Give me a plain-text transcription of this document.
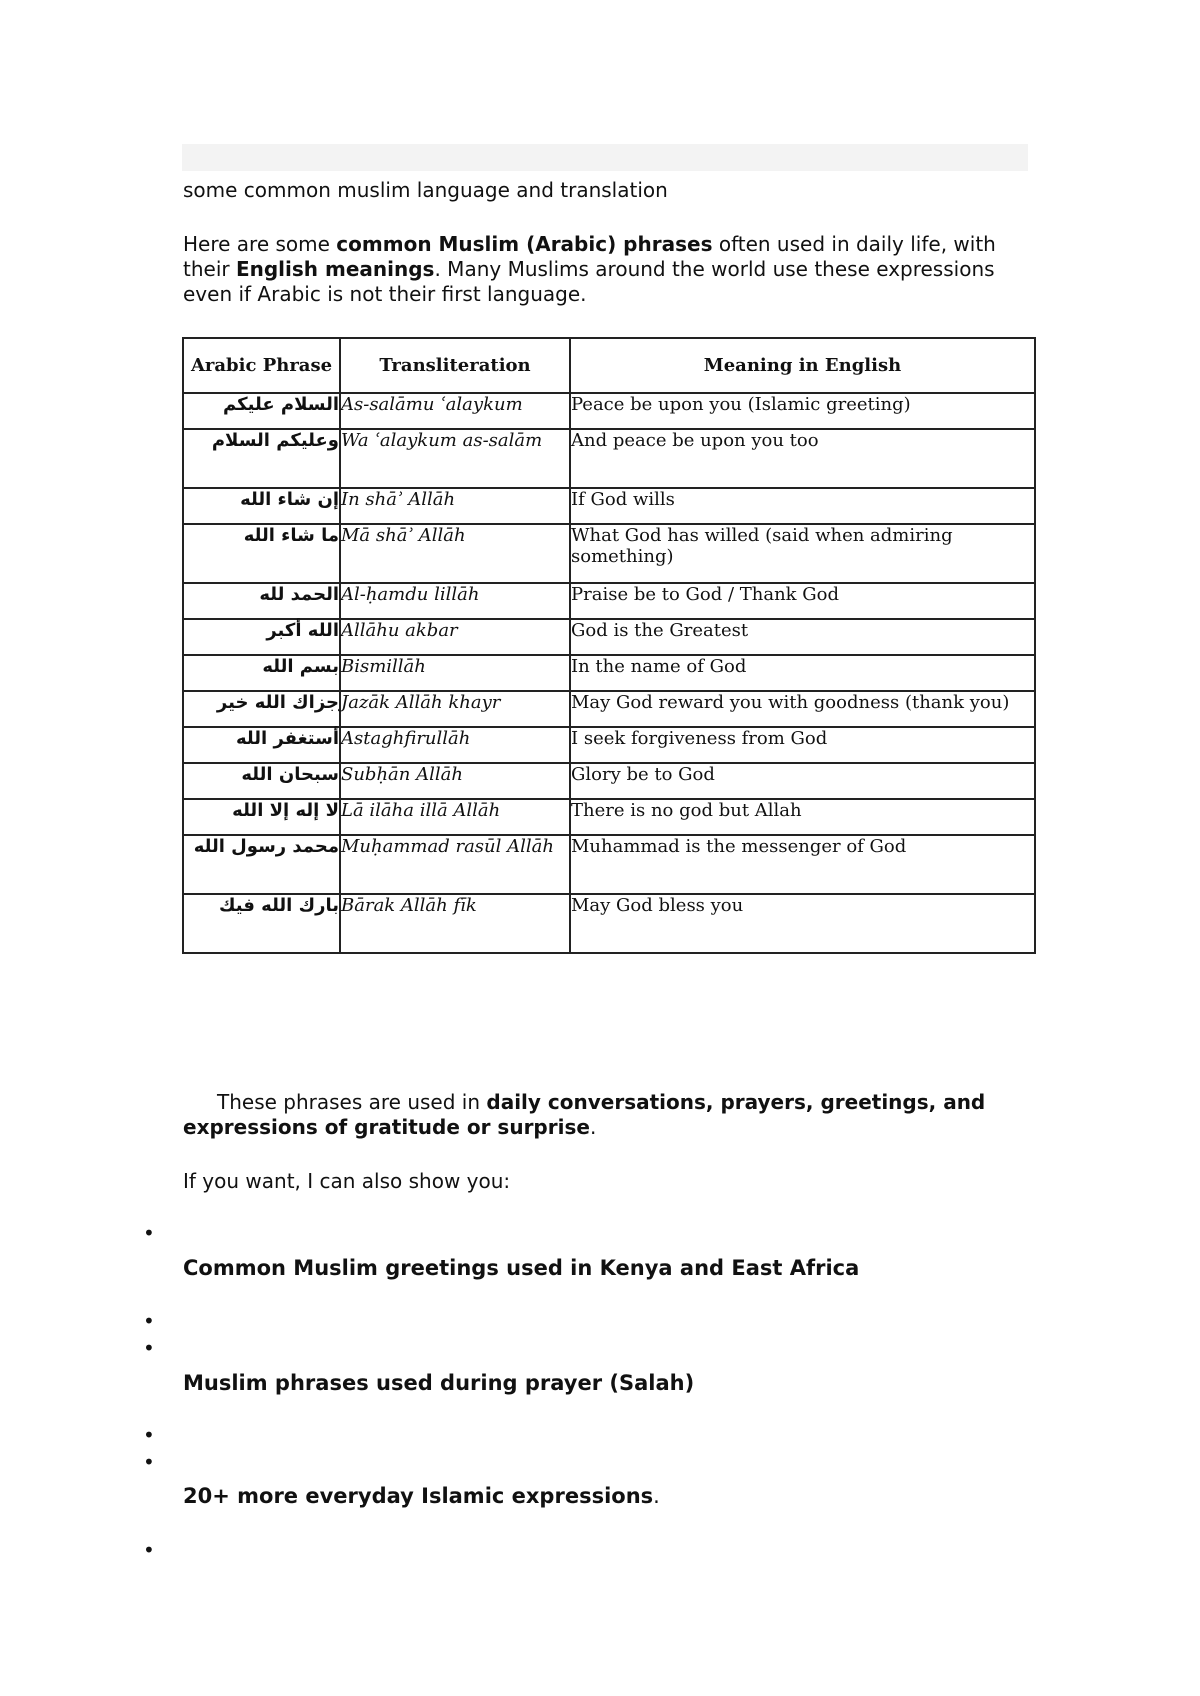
some common muslim language and translation
Here are some common Muslim (Arabic) phrases often used in daily life, with their English meanings. Many Muslims around the world use these expressions even if Arabic is not their first language.
Arabic Phrase	Transliteration	Meaning in English
السلام عليكم	As-salāmu ʿalaykum	Peace be upon you (Islamic greeting)
وعليكم السلام	Wa ʿalaykum as-salām	And peace be upon you too
إن شاء الله	In shāʾ Allāh	If God wills
ما شاء الله	Mā shāʾ Allāh	What God has willed (said when admiring something)
الحمد لله	Al-ḥamdu lillāh	Praise be to God / Thank God
الله أكبر	Allāhu akbar	God is the Greatest
بسم الله	Bismillāh	In the name of God
جزاك الله خير	Jazāk Allāh khayr	May God reward you with goodness (thank you)
أستغفر الله	Astaghfirullāh	I seek forgiveness from God
سبحان الله	Subḥān Allāh	Glory be to God
لا إله إلا الله	Lā ilāha illā Allāh	There is no god but Allah
محمد رسول الله	Muḥammad rasūl Allāh	Muhammad is the messenger of God
بارك الله فيك	Bārak Allāh fīk	May God bless you
These phrases are used in daily conversations, prayers, greetings, and expressions of gratitude or surprise.
If you want, I can also show you:
•
Common Muslim greetings used in Kenya and East Africa
•
•
Muslim phrases used during prayer (Salah)
•
•
20+ more everyday Islamic expressions.
•
